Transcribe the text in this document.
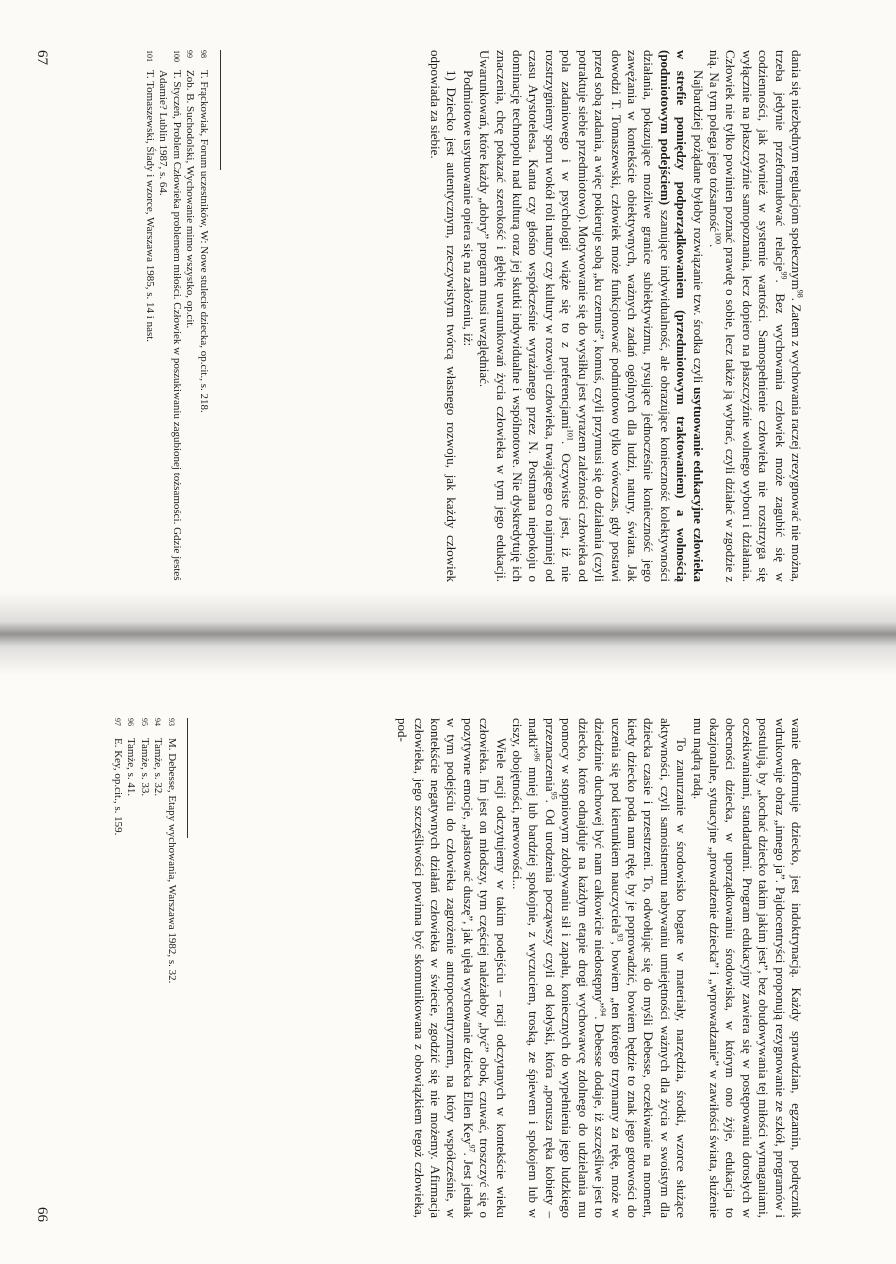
dania się niezbędnym regulacjom społecznym$^{98}$. Zatem z wychowania raczej zrezygnować nie można, trzeba jedynie przeformułować relacje$^{99}$. Bez wychowania człowiek może zagubić się w codzienności, jak również w systemie wartości. Samospełnienie człowieka nie rozstrzyga się wyłącznie na płaszczyźnie samopoznania, lecz dopiero na płaszczyźnie wolnego wyboru i działania. Człowiek nie tylko powinien poznać prawdę o sobie, lecz także ją wybrać, czyli działać w zgodzie z nią. Na tym polega jego tożsamość$^{100}$.

Najbardziej pożądane byłoby rozwiązanie tzw. środka czyli usytuowanie edukacyjne człowieka w strefie pomiędzy podporządkowaniem (przedmiotowym traktowaniem) a wolnością (podmiotowym podejściem) szanujące indywidualność, ale obrazujące konieczność kolektywności działania, pokazujące możliwe granice subiektywizmu, rysujące jednocześnie konieczność jego zawężania w kontekście obiektywnych, ważnych zadań ogólnych dla ludzi, natury, świata. Jak dowodzi T. Tomaszewski, człowiek może funkcjonować podmiotowo tylko wówczas, gdy postawi przed sobą zadania, a więc pokieruje sobą „ku czemuś”, komuś, czyli przymusi się do działania (czyli potraktuje siebie przedmiotowo). Motywowanie się do wysiłku jest wyrazem zależności człowieka od pola zadaniowego i w psychologii wiąże się to z preferencjami$^{101}$. Oczywiste jest, iż nie rozstrzygniemy sporu wokół roli natury czy kultury w rozwoju człowieka, trwającego co najmniej od czasu Arystotelesa. Kanta czy głośno współcześnie wyrażanego przez N. Postmana niepokoju o dominację technopolu nad kulturą oraz jej skutki indywidualne i wspólnotowe. Nie dyskredytuję ich znaczenia, chcę pokazać szerokość i głębię uwarunkowań życia człowieka w tym jego edukacji. Uwarunkowań, które każdy „dobry” program musi uwzględniać.

Podmiotowe usytuowanie opiera się na założeniu, iż:

1) Dziecko jest autentycznym, rzeczywistym twórcą własnego rozwoju, jak każdy człowiek odpowiada za siebie.

98
T. Frąckowiak, Forum uczestników, W: Nowe stulecie dziecka, op.cit., s. 218.
99
Zob. B. Suchodolski, Wychowanie mimo wszystko, op.cit.
100
T. Styczeń, Problem Człowieka problemem miłości. Człowiek w poszukiwaniu zagubionej tożsamości. Gdzie jesteś Adamie? Lublin 1987, s. 64.
101
T. Tomaszewski, Ślady i wzorce, Warszawa 1985, s. 14 i nast.
67

wanie deformuje dziecko, jest indoktrynacją. Każdy sprawdzian, egzamin, podręcznik wdrukowuje obraz „innego ja”. Pajdocentryści proponują rezygnowanie ze szkół, programów i postulują, by „kochać dziecko takim jakim jest”, bez obudowywania tej miłości wymaganiami, oczekiwaniami, standardami. Program edukacyjny zawiera się w postępowaniu dorosłych w obecności dziecka, w uporządkowaniu środowiska, w którym ono żyje, edukacja to okazjonalne, sytuacyjne „prowadzenie dziecka” i „wprowadzanie” w zawiłości świata, służenie mu mądrą radą.

To zanurzanie w środowisko bogate w materiały, narzędzia, środki, wzorce służące aktywności, czyli samoistnemu nabywaniu umiejętności ważnych dla życia w swoistym dla dziecka czasie i przestrzeni. To, odwołując się do myśli Debesse, oczekiwanie na moment, kiedy dziecko poda nam rękę, by je poprowadzić, bowiem będzie to znak jego gotowości do uczenia się pod kierunkiem nauczyciela$^{93}$, bowiem „ten którego trzymamy za rękę, może w dziedzinie duchowej być nam całkowicie niedostępny”$^{94}$. Debesse dodaje, iż szczęśliwe jest to dziecko, które odnajduje na każdym etapie drogi wychowawcę zdolnego do udzielania mu pomocy w stopniowym zdobywaniu sił i zapału, koniecznych do wypełnienia jego ludzkiego przeznaczenia$^{95}$. Od urodzenia począwszy czyli od kołyski, która „porusza ręka kobiety – matki”$^{96}$ mniej lub bardziej spokojnie, z wyczuciem, troską, ze śpiewem i spokojem lub w ciszy, obojętności, nerwowości...

Wiele racji odczytujemy w takim podejściu – racji odczytanych w kontekście wieku człowieka. Im jest on młodszy, tym częściej należałoby „być” obok, czuwać, troszczyć się o pozytywne emocje, „płastować duszę”, jak ujęła wychowanie dziecka Ellen Key$^{97}$. Jest jednak w tym podejściu do człowieka zagrożenie antropocentryzmem, na który współcześnie, w kontekście negatywnych działań człowieka w świecie, zgodzić się nie możemy. Afirmacja człowieka, jego szczęśliwości powinna być skomunikowana z obowiązkiem tegoż człowieka, pod-

93
M. Debesse, Etapy wychowania, Warszawa 1982, s. 32.
94
Tamże, s. 32.
95
Tamże, s. 33.
96
Tamże, s. 41.
97
E. Key, op.cit., s. 159.
66
